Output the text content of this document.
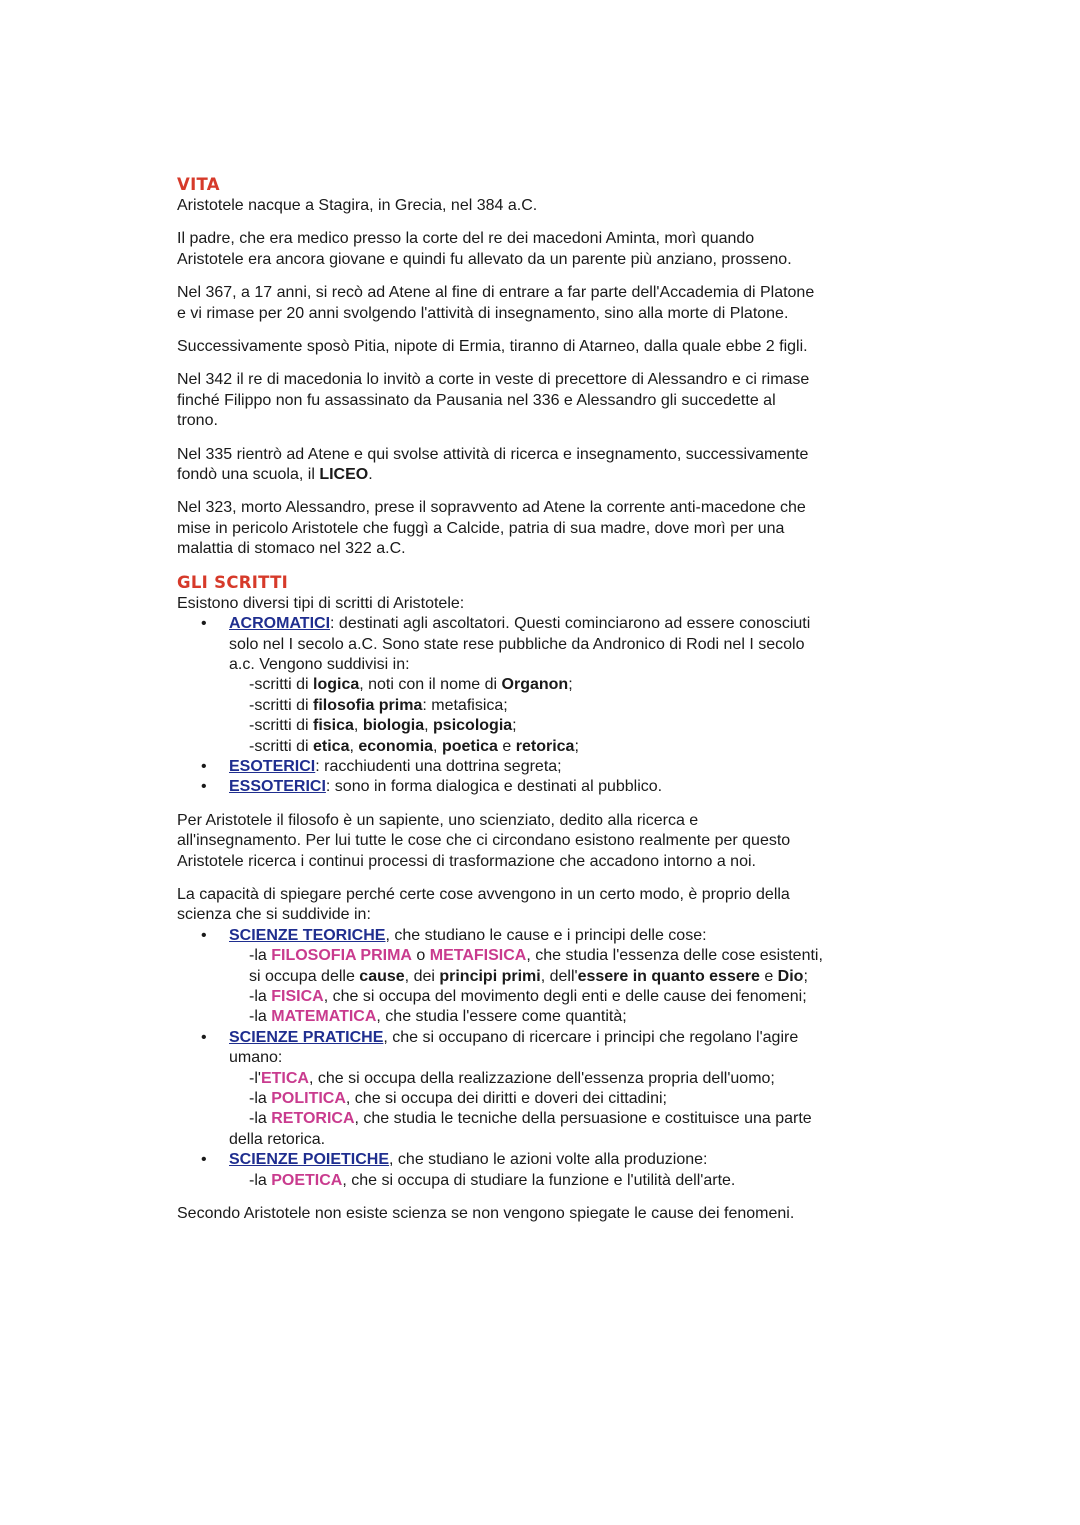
VITA

Aristotele nacque a Stagira, in Grecia, nel 384 a.C.

Il padre, che era medico presso la corte del re dei macedoni Aminta, morì quando
Aristotele era ancora giovane e quindi fu allevato da un parente più anziano, prosseno.

Nel 367, a 17 anni, si recò ad Atene al fine di entrare a far parte dell'Accademia di Platone
e vi rimase per 20 anni svolgendo l'attività di insegnamento, sino alla morte di Platone.

Successivamente sposò Pitia, nipote di Ermia, tiranno di Atarneo, dalla quale ebbe 2 figli.

Nel 342 il re di macedonia lo invitò a corte in veste di precettore di Alessandro e ci rimase
finché Filippo non fu assassinato da Pausania nel 336 e Alessandro gli succedette al
trono.

Nel 335 rientrò ad Atene e qui svolse attività di ricerca e insegnamento, successivamente
fondò una scuola, il LICEO.

Nel 323, morto Alessandro, prese il sopravvento ad Atene la corrente anti-macedone che
mise in pericolo Aristotele che fuggì a Calcide, patria di sua madre, dove morì per una
malattia di stomaco nel 322 a.C.

GLI SCRITTI

Esistono diversi tipi di scritti di Aristotele:

• ACROMATICI: destinati agli ascoltatori. Questi cominciarono ad essere conosciuti
solo nel I secolo a.C. Sono state rese pubbliche da Andronico di Rodi nel I secolo
a.c. Vengono suddivisi in:
-scritti di logica, noti con il nome di Organon;
-scritti di filosofia prima: metafisica;
-scritti di fisica, biologia, psicologia;
-scritti di etica, economia, poetica e retorica;
• ESOTERICI: racchiudenti una dottrina segreta;
• ESSOTERICI: sono in forma dialogica e destinati al pubblico.

Per Aristotele il filosofo è un sapiente, uno scienziato, dedito alla ricerca e
all'insegnamento. Per lui tutte le cose che ci circondano esistono realmente per questo
Aristotele ricerca i continui processi di trasformazione che accadono intorno a noi.

La capacità di spiegare perché certe cose avvengono in un certo modo, è proprio della
scienza che si suddivide in:

• SCIENZE TEORICHE, che studiano le cause e i principi delle cose:
-la FILOSOFIA PRIMA o METAFISICA, che studia l'essenza delle cose esistenti,
si occupa delle cause, dei principi primi, dell'essere in quanto essere e Dio;
-la FISICA, che si occupa del movimento degli enti e delle cause dei fenomeni;
-la MATEMATICA, che studia l'essere come quantità;
• SCIENZE PRATICHE, che si occupano di ricercare i principi che regolano l'agire
umano:
-l'ETICA, che si occupa della realizzazione dell'essenza propria dell'uomo;
-la POLITICA, che si occupa dei diritti e doveri dei cittadini;
-la RETORICA, che studia le tecniche della persuasione e costituisce una parte
della retorica.
• SCIENZE POIETICHE, che studiano le azioni volte alla produzione:
-la POETICA, che si occupa di studiare la funzione e l'utilità dell'arte.

Secondo Aristotele non esiste scienza se non vengono spiegate le cause dei fenomeni.
